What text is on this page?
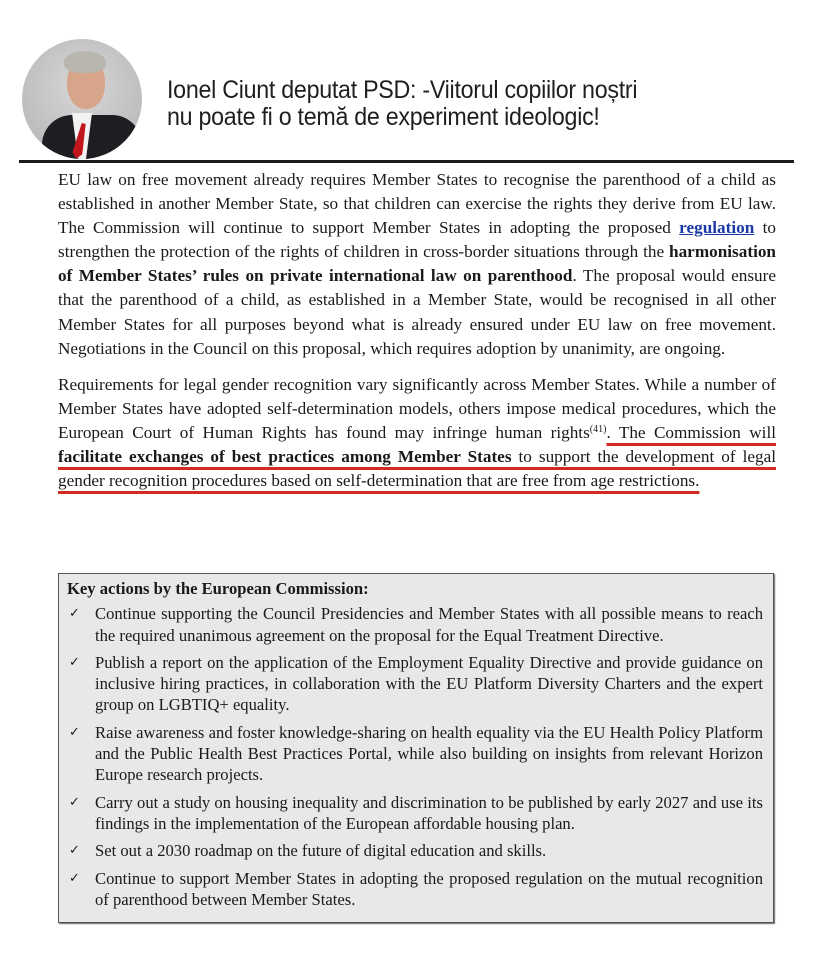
Ionel Ciunt deputat PSD: -Viitorul copiilor noștri
nu poate fi o temă de experiment ideologic!

EU law on free movement already requires Member States to recognise the parenthood of a child as established in another Member State, so that children can exercise the rights they derive from EU law. The Commission will continue to support Member States in adopting the proposed regulation to strengthen the protection of the rights of children in cross-border situations through the harmonisation of Member States’ rules on private international law on parenthood. The proposal would ensure that the parenthood of a child, as established in a Member State, would be recognised in all other Member States for all purposes beyond what is already ensured under EU law on free movement. Negotiations in the Council on this proposal, which requires adoption by unanimity, are ongoing.

Requirements for legal gender recognition vary significantly across Member States. While a number of Member States have adopted self-determination models, others impose medical procedures, which the European Court of Human Rights has found may infringe human rights$^{(41)}$. The Commission will facilitate exchanges of best practices among Member States to support the development of legal gender recognition procedures based on self-determination that are free from age restrictions.

Key actions by the European Commission:
✓ Continue supporting the Council Presidencies and Member States with all possible means to reach the required unanimous agreement on the proposal for the Equal Treatment Directive.
✓ Publish a report on the application of the Employment Equality Directive and provide guidance on inclusive hiring practices, in collaboration with the EU Platform Diversity Charters and the expert group on LGBTIQ+ equality.
✓ Raise awareness and foster knowledge-sharing on health equality via the EU Health Policy Platform and the Public Health Best Practices Portal, while also building on insights from relevant Horizon Europe research projects.
✓ Carry out a study on housing inequality and discrimination to be published by early 2027 and use its findings in the implementation of the European affordable housing plan.
✓ Set out a 2030 roadmap on the future of digital education and skills.
✓ Continue to support Member States in adopting the proposed regulation on the mutual recognition of parenthood between Member States.
